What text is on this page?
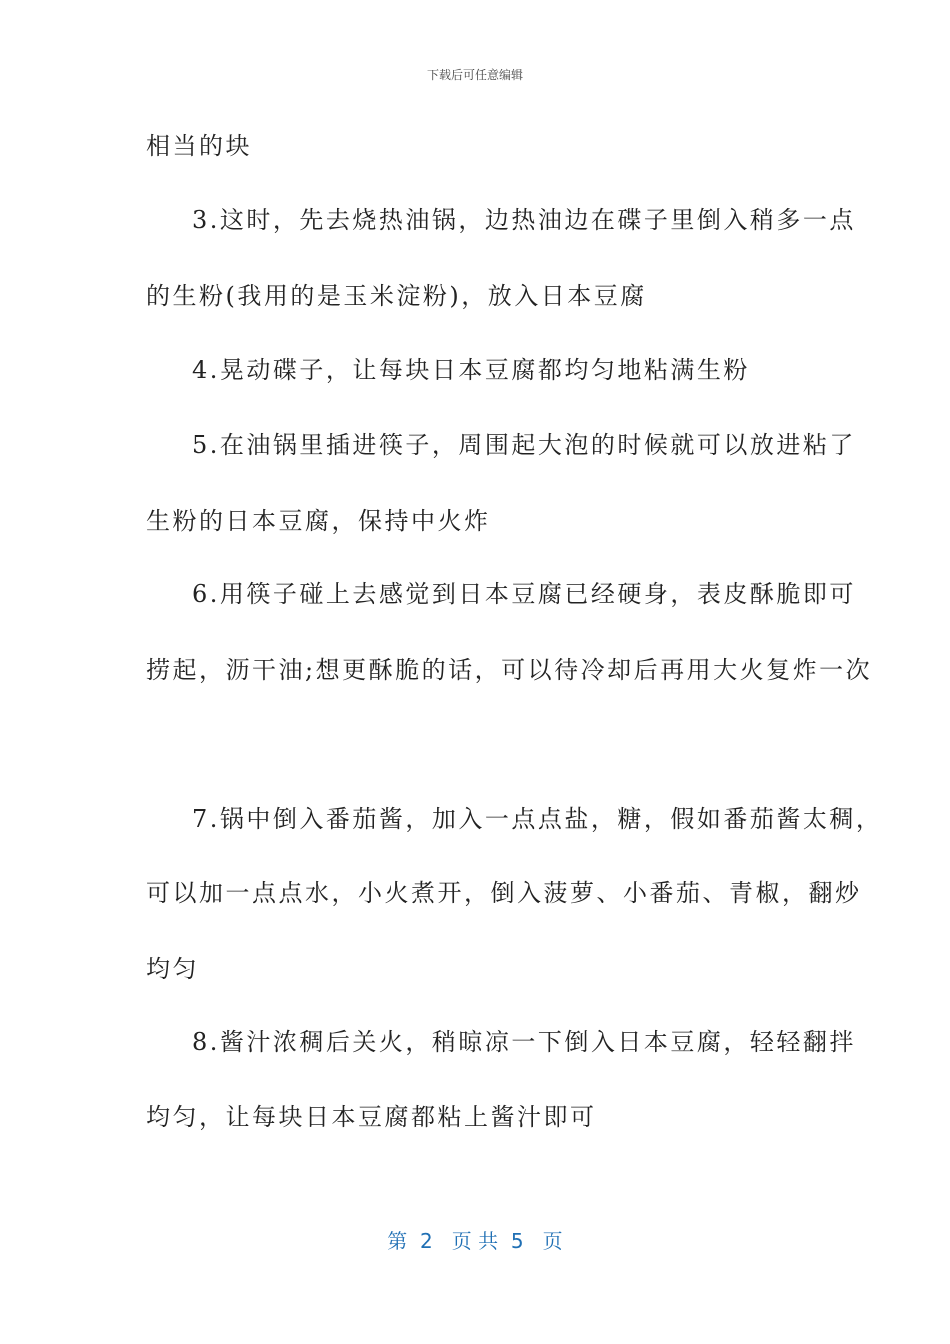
下载后可任意编辑
相当的块
3.这时，先去烧热油锅，边热油边在碟子里倒入稍多一点
的生粉(我用的是玉米淀粉)，放入日本豆腐
4.晃动碟子，让每块日本豆腐都均匀地粘满生粉
5.在油锅里插进筷子，周围起大泡的时候就可以放进粘了
生粉的日本豆腐，保持中火炸
6.用筷子碰上去感觉到日本豆腐已经硬身，表皮酥脆即可
捞起，沥干油;想更酥脆的话，可以待冷却后再用大火复炸一次
7.锅中倒入番茄酱，加入一点点盐，糖，假如番茄酱太稠，
可以加一点点水，小火煮开，倒入菠萝、小番茄、青椒，翻炒
均匀
8.酱汁浓稠后关火，稍晾凉一下倒入日本豆腐，轻轻翻拌
均匀，让每块日本豆腐都粘上酱汁即可
第  2   页 共  5   页
